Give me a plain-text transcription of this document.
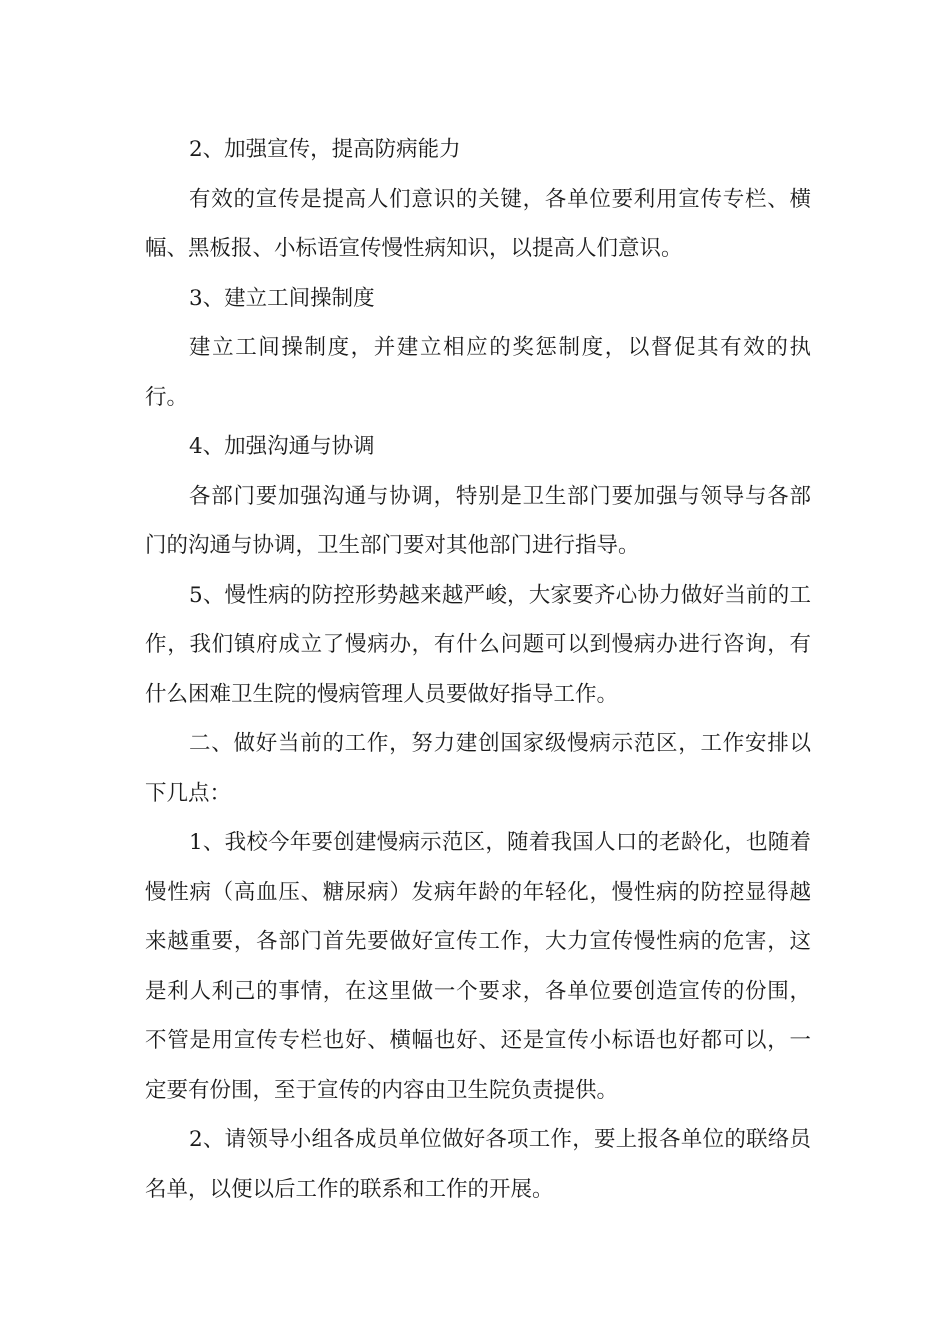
2、加强宣传，提高防病能力

有效的宣传是提高人们意识的关键，各单位要利用宣传专栏、横幅、黑板报、小标语宣传慢性病知识，以提高人们意识。

3、建立工间操制度

建立工间操制度，并建立相应的奖惩制度，以督促其有效的执行。

4、加强沟通与协调

各部门要加强沟通与协调，特别是卫生部门要加强与领导与各部门的沟通与协调，卫生部门要对其他部门进行指导。

5、慢性病的防控形势越来越严峻，大家要齐心协力做好当前的工作，我们镇府成立了慢病办，有什么问题可以到慢病办进行咨询，有什么困难卫生院的慢病管理人员要做好指导工作。

二、做好当前的工作，努力建创国家级慢病示范区，工作安排以下几点：

1、我校今年要创建慢病示范区，随着我国人口的老龄化，也随着慢性病（高血压、糖尿病）发病年龄的年轻化，慢性病的防控显得越来越重要，各部门首先要做好宣传工作，大力宣传慢性病的危害，这是利人利己的事情，在这里做一个要求，各单位要创造宣传的份围，不管是用宣传专栏也好、横幅也好、还是宣传小标语也好都可以，一定要有份围，至于宣传的内容由卫生院负责提供。

2、请领导小组各成员单位做好各项工作，要上报各单位的联络员名单，以便以后工作的联系和工作的开展。
